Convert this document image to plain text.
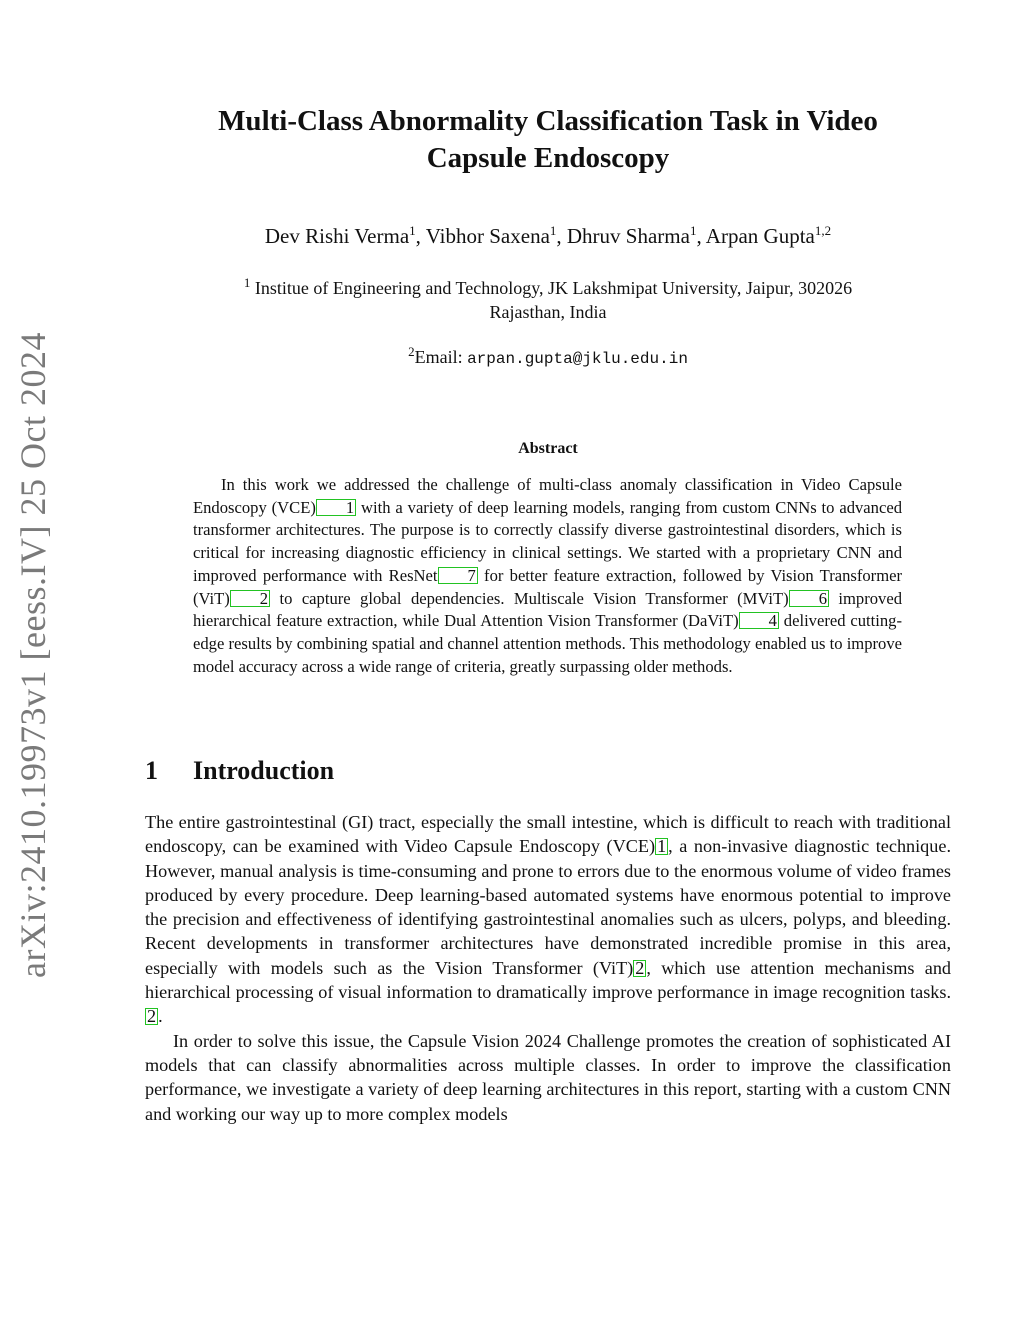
arXiv:2410.19973v1 [eess.IV] 25 Oct 2024
Multi-Class Abnormality Classification Task in Video
Capsule Endoscopy
Dev Rishi Verma$^1$, Vibhor Saxena$^1$, Dhruv Sharma$^1$, Arpan Gupta$^{1,2}$
$^1$ Institue of Engineering and Technology, JK Lakshmipat University, Jaipur, 302026
Rajasthan, India
$^2$Email: arpan.gupta@jklu.edu.in
Abstract
In this work we addressed the challenge of multi-class anomaly classification in Video Capsule Endoscopy (VCE) 1 with a variety of deep learning models, ranging from custom CNNs to advanced transformer architectures. The purpose is to correctly classify diverse gastrointestinal disorders, which is critical for increasing diagnostic efficiency in clinical settings. We started with a proprietary CNN and improved performance with ResNet 7 for better feature extraction, followed by Vision Transformer (ViT) 2 to capture global dependencies. Multiscale Vision Transformer (MViT) 6 improved hierarchical feature extraction, while Dual Attention Vision Transformer (DaViT) 4 delivered cutting-edge results by combining spatial and channel attention methods. This methodology enabled us to improve model accuracy across a wide range of criteria, greatly surpassing older methods.
1 Introduction

The entire gastrointestinal (GI) tract, especially the small intestine, which is difficult to reach with traditional endoscopy, can be examined with Video Capsule Endoscopy (VCE) 1 , a non-invasive diagnostic technique. However, manual analysis is time-consuming and prone to errors due to the enormous volume of video frames produced by every procedure. Deep learning-based automated systems have enormous potential to improve the precision and effectiveness of identifying gastrointestinal anomalies such as ulcers, polyps, and bleeding. Recent developments in transformer architectures have demonstrated incredible promise in this area, especially with models such as the Vision Transformer (ViT) 2 , which use attention mechanisms and hierarchical processing of visual information to dramatically improve performance in image recognition tasks. 2 .

In order to solve this issue, the Capsule Vision 2024 Challenge promotes the creation of sophisticated AI models that can classify abnormalities across multiple classes. In order to improve the classification performance, we investigate a variety of deep learning architectures in this report, starting with a custom CNN and working our way up to more complex models
